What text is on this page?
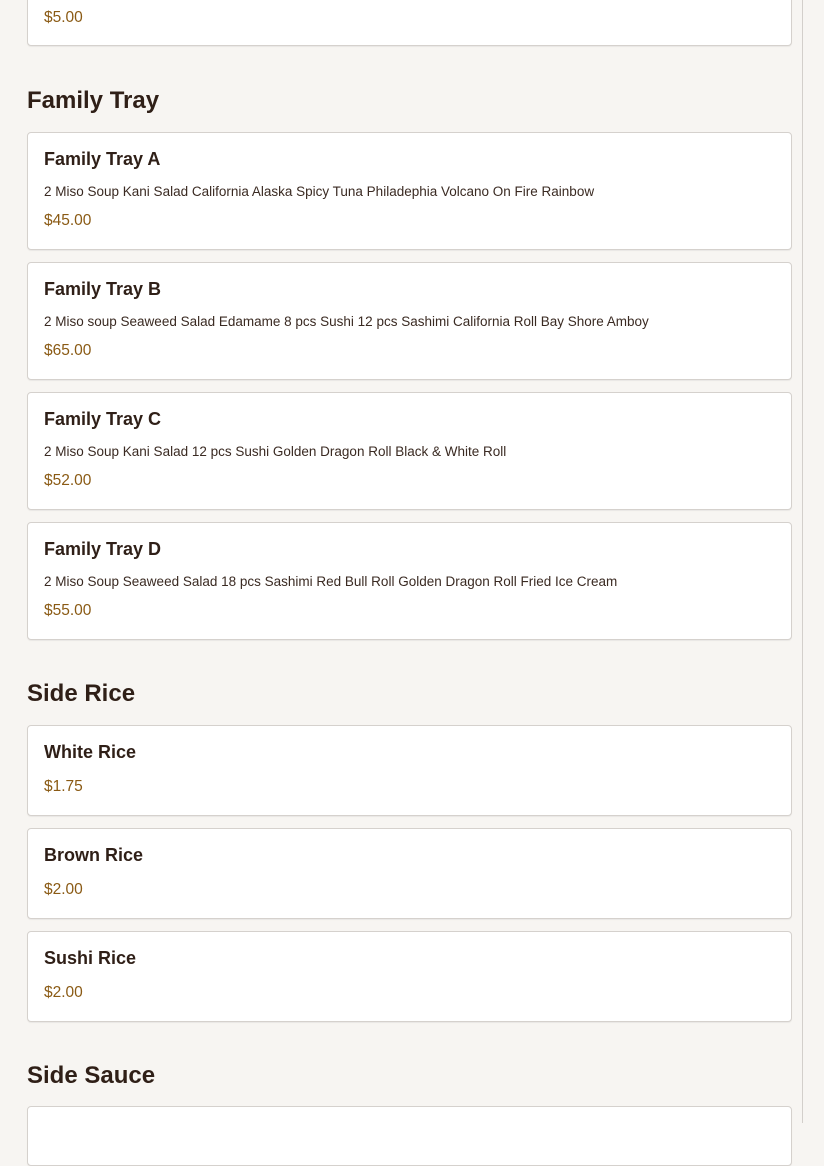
$5.00
Family Tray
Family Tray A
2 Miso Soup Kani Salad California Alaska Spicy Tuna Philadephia Volcano On Fire Rainbow
$45.00
Family Tray B
2 Miso soup Seaweed Salad Edamame 8 pcs Sushi 12 pcs Sashimi California Roll Bay Shore Amboy
$65.00
Family Tray C
2 Miso Soup Kani Salad 12 pcs Sushi Golden Dragon Roll Black & White Roll
$52.00
Family Tray D
2 Miso Soup Seaweed Salad 18 pcs Sashimi Red Bull Roll Golden Dragon Roll Fried Ice Cream
$55.00
Side Rice
White Rice
$1.75
Brown Rice
$2.00
Sushi Rice
$2.00
Side Sauce
